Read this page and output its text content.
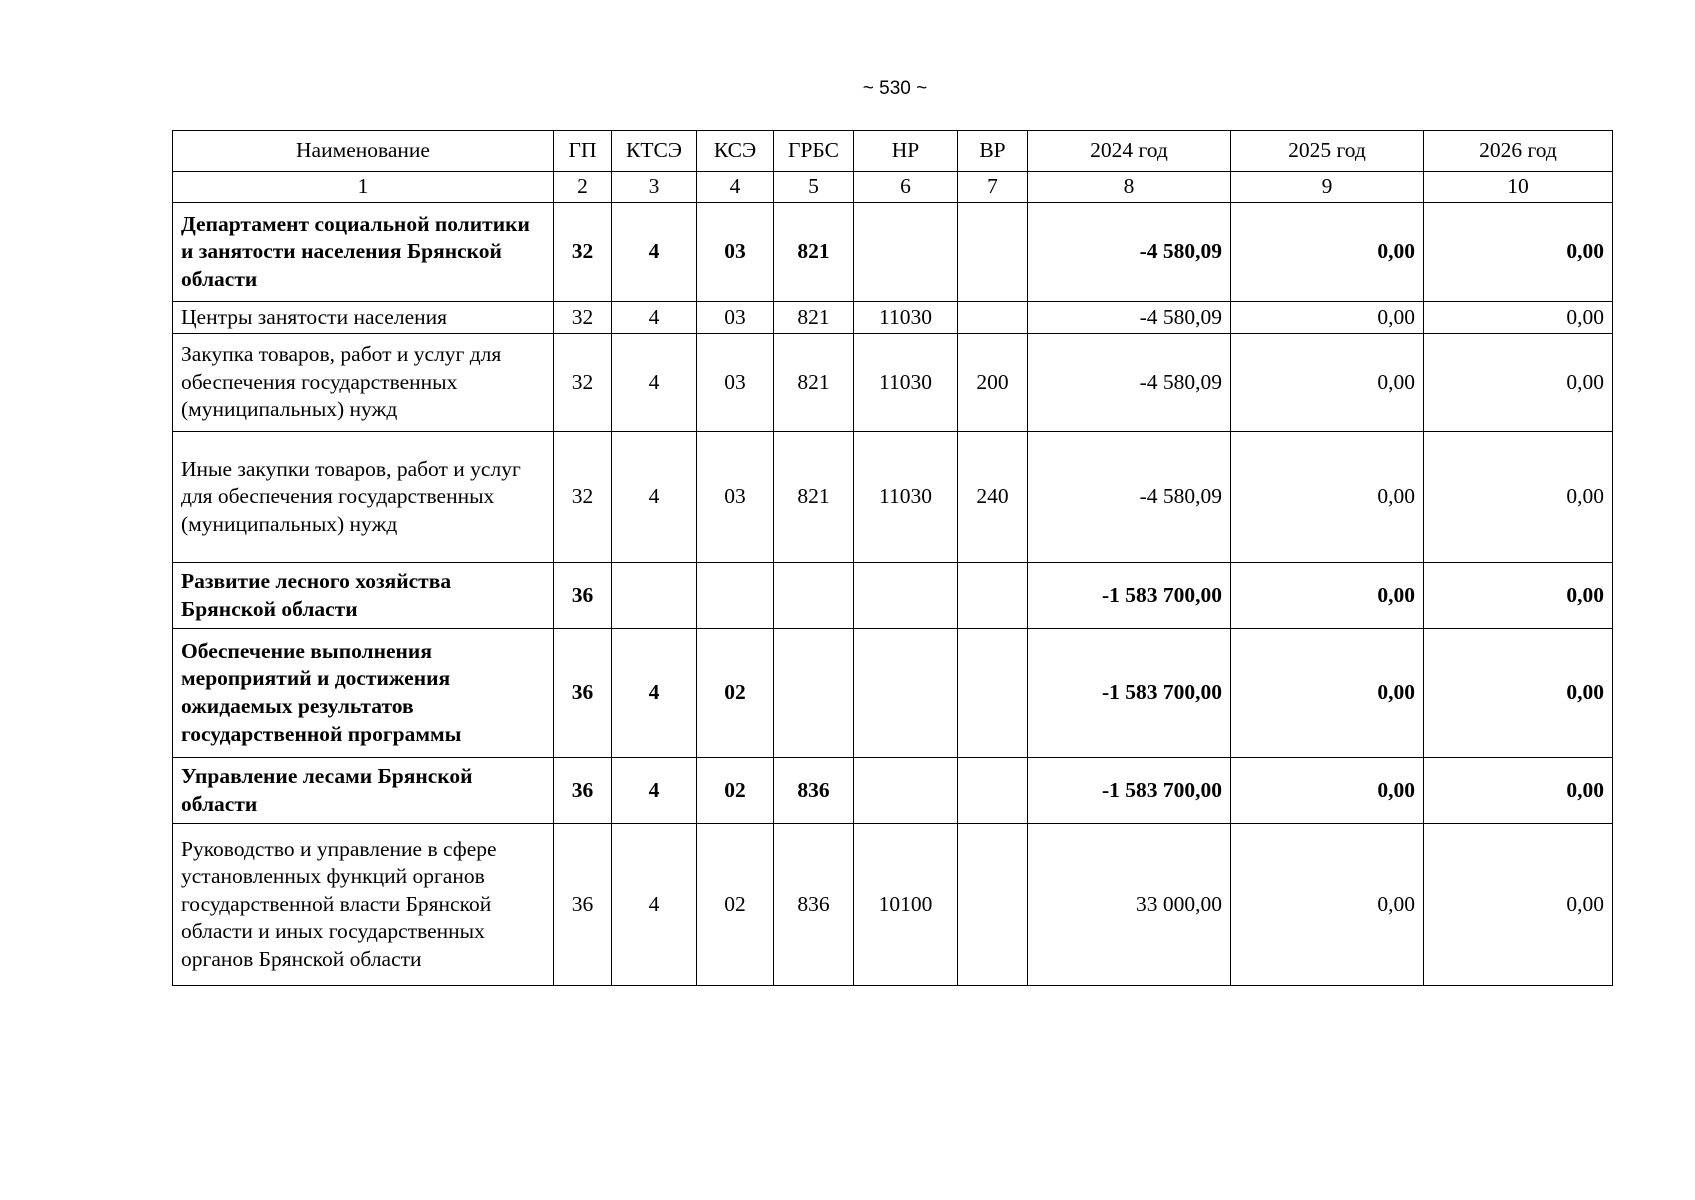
~ 530 ~
Наименование	ГП	КТСЭ	КСЭ	ГРБС	НР	ВР	2024 год	2025 год	2026 год
1	2	3	4	5	6	7	8	9	10
Департамент социальной политики и занятости населения Брянской области	32	4	03	821			-4 580,09	0,00	0,00
Центры занятости населения	32	4	03	821	11030		-4 580,09	0,00	0,00
Закупка товаров, работ и услуг для обеспечения государственных (муниципальных) нужд	32	4	03	821	11030	200	-4 580,09	0,00	0,00
Иные закупки товаров, работ и услуг для обеспечения государственных (муниципальных) нужд	32	4	03	821	11030	240	-4 580,09	0,00	0,00
Развитие лесного хозяйства Брянской области	36						-1 583 700,00	0,00	0,00
Обеспечение выполнения мероприятий и достижения ожидаемых результатов государственной программы	36	4	02				-1 583 700,00	0,00	0,00
Управление лесами Брянской области	36	4	02	836			-1 583 700,00	0,00	0,00
Руководство и управление в сфере установленных функций органов государственной власти Брянской области и иных государственных органов Брянской области	36	4	02	836	10100		33 000,00	0,00	0,00
